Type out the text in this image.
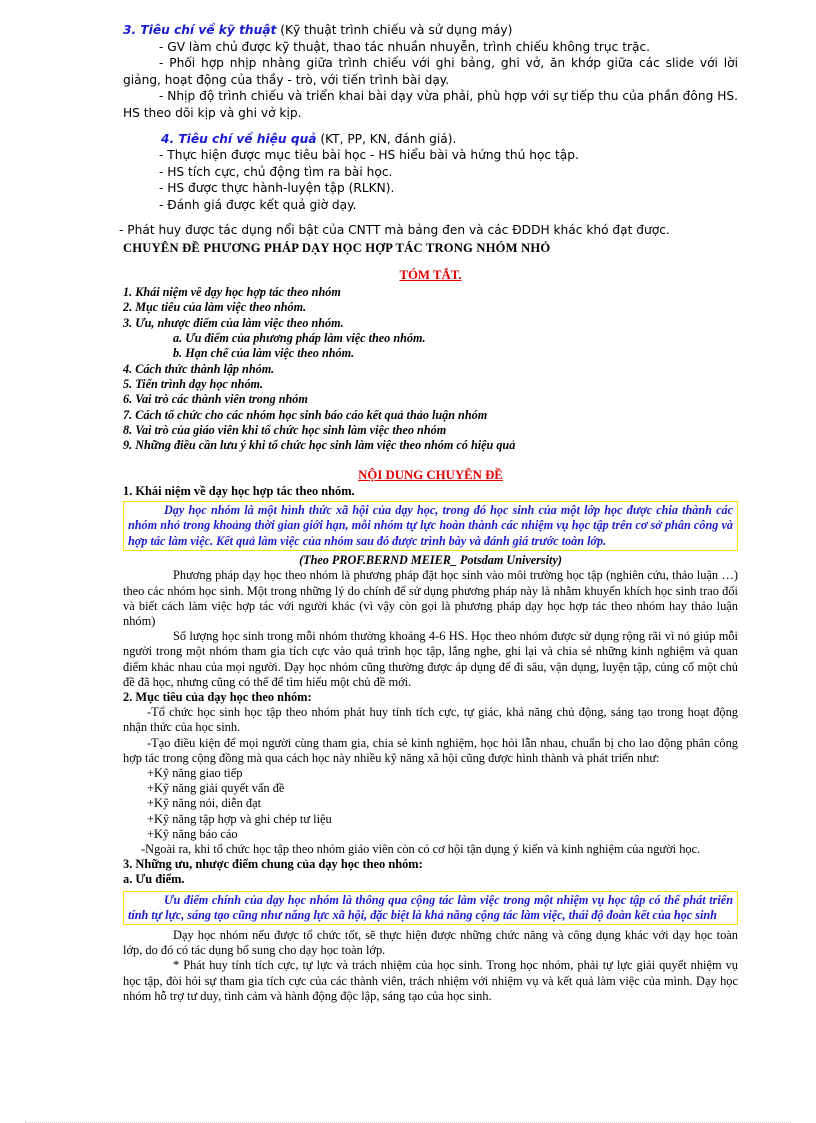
3. Tiêu chí về kỹ thuật (Kỹ thuật trình chiếu và sử dụng máy)
- GV làm chủ được kỹ thuật, thao tác nhuần nhuyễn, trình chiếu không trục trặc.
- Phối hợp nhịp nhàng giữa trình chiếu với ghi bảng, ghi vở, ăn khớp giữa các slide với lời giảng, hoạt động của thầy - trò, với tiến trình bài dạy.
- Nhịp độ trình chiếu và triển khai bài dạy vừa phải, phù hợp với sự tiếp thu của phần đông HS. HS theo dõi kịp và ghi vở kịp.
4. Tiêu chí về hiệu quả (KT, PP, KN, đánh giá).
- Thực hiện được mục tiêu bài học - HS hiểu bài và hứng thú học tập.
- HS tích cực, chủ động tìm ra bài học.
- HS được thực hành-luyện tập (RLKN).
- Đánh giá được kết quả giờ dạy.
- Phát huy được tác dụng nổi bật của CNTT mà bảng đen và các ĐDDH khác khó đạt được.
CHUYÊN ĐỀ PHƯƠNG PHÁP DẠY HỌC HỢP TÁC TRONG NHÓM NHỎ
TÓM TẮT.
1. Khái niệm về dạy học hợp tác theo nhóm
2. Mục tiêu của làm việc theo nhóm.
3. Ưu, nhược điểm của làm việc theo nhóm.
a. Ưu điểm của phương pháp làm việc theo nhóm.
b. Hạn chế của làm việc theo nhóm.
4. Cách thức thành lập nhóm.
5. Tiến trình dạy học nhóm.
6. Vai trò các thành viên trong nhóm
7. Cách tổ chức cho các nhóm học sinh báo cáo kết quả thảo luận nhóm
8. Vai trò của giáo viên khi tổ chức học sinh làm việc theo nhóm
9. Những điều cần lưu ý khi tổ chức học sinh làm việc theo nhóm có hiệu quả
NỘI DUNG CHUYÊN ĐỀ
1. Khái niệm về dạy học hợp tác theo nhóm.
Dạy học nhóm là một hình thức xã hội của dạy học, trong đó học sinh của một lớp học được chia thành các nhóm nhỏ trong khoảng thời gian giới hạn, mỗi nhóm tự lực hoàn thành các nhiệm vụ học tập trên cơ sở phân công và hợp tác làm việc. Kết quả làm việc của nhóm sau đó được trình bày và đánh giá trước toàn lớp.
(Theo PROF.BERND MEIER_ Potsdam University)
Phương pháp dạy học theo nhóm là phương pháp đặt học sinh vào môi trường học tập (nghiên cứu, thảo luận …) theo các nhóm học sinh. Một trong những lý do chính để sử dụng phương pháp này là nhằm khuyến khích học sinh trao đổi và biết cách làm việc hợp tác với người khác (vì vậy còn gọi là phương pháp dạy học hợp tác theo nhóm hay thảo luận nhóm)
Số lượng học sinh trong mỗi nhóm thường khoảng 4-6 HS. Học theo nhóm được sử dụng rộng rãi vì nó giúp mỗi người trong một nhóm tham gia tích cực vào quá trình học tập, lắng nghe, ghi lại và chia sẻ những kinh nghiệm và quan điểm khác nhau của mọi người. Dạy học nhóm cũng thường được áp dụng để đi sâu, vận dụng, luyện tập, củng cố một chủ đề đã học, nhưng cũng có thể để tìm hiểu một chủ đề mới.
2. Mục tiêu của dạy học theo nhóm:
-Tổ chức học sinh học tập theo nhóm phát huy tính tích cực, tự giác, khả năng chủ động, sáng tạo trong hoạt động nhận thức của học sinh.
-Tạo điều kiện để mọi người cùng tham gia, chia sẻ kinh nghiệm, học hỏi lẫn nhau, chuẩn bị cho lao động phân công hợp tác trong cộng đồng mà qua cách học này nhiều kỹ năng xã hội cũng được hình thành và phát triển như:
+Kỹ năng giao tiếp
+Kỹ năng giải quyết vấn đề
+Kỹ năng nói, diễn đạt
+Kỹ năng tập hợp và ghi chép tư liệu
+Kỹ năng báo cáo
-Ngoài ra, khi tổ chức học tập theo nhóm giáo viên còn có cơ hội tận dụng ý kiến và kinh nghiệm của người học.
3. Những ưu, nhược điểm chung của dạy học theo nhóm:
a. Ưu điểm.
Ưu điểm chính của dạy học nhóm là thông qua cộng tác làm việc trong một nhiệm vụ học tập có thể phát triển tính tự lực, sáng tạo cũng như năng lực xã hội, đặc biệt là khả năng cộng tác làm việc, thái độ đoàn kết của học sinh
Dạy học nhóm nếu được tổ chức tốt, sẽ thực hiện được những chức năng và công dụng khác với dạy học toàn lớp, do đó có tác dụng bổ sung cho dạy học toàn lớp.
* Phát huy tính tích cực, tự lực và trách nhiệm của học sinh. Trong học nhóm, phải tự lực giải quyết nhiệm vụ học tập, đòi hỏi sự tham gia tích cực của các thành viên, trách nhiệm với nhiệm vụ và kết quả làm việc của mình. Dạy học nhóm hỗ trợ tư duy, tình cảm và hành động độc lập, sáng tạo của học sinh.
